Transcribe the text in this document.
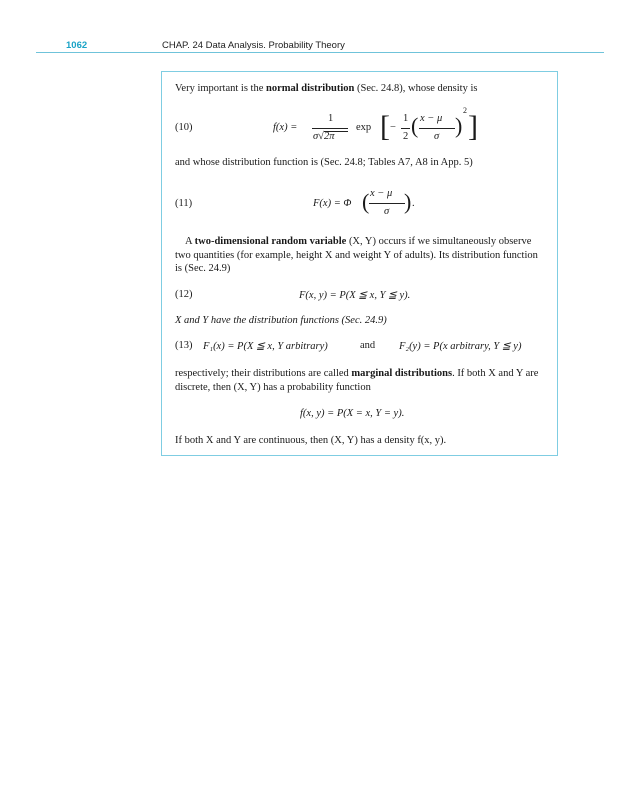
1062	CHAP. 24 Data Analysis. Probability Theory

Very important is the normal distribution (Sec. 24.8), whose density is

(10)	f(x) =
1
σ√2π
exp [ −
1
2 ( x − μ
σ )
2 ]

and whose distribution function is (Sec. 24.8; Tables A7, A8 in App. 5)

(11)	F(x) = Φ ( x − μ
σ ) .

A two-dimensional random variable (X, Y) occurs if we simultaneously observe two quantities (for example, height X and weight Y of adults). Its distribution function is (Sec. 24.9)

(12)	F(x, y) = P(X ≦ x, Y ≦ y).

X and Y have the distribution functions (Sec. 24.9)

(13) F₁(x) = P(X ≦ x, Y arbitrary)	and F₂(y) = P(x arbitrary, Y ≦ y)

respectively; their distributions are called marginal distributions. If both X and Y are discrete, then (X, Y) has a probability function

f(x, y) = P(X = x, Y = y).

If both X and Y are continuous, then (X, Y) has a density f(x, y).
